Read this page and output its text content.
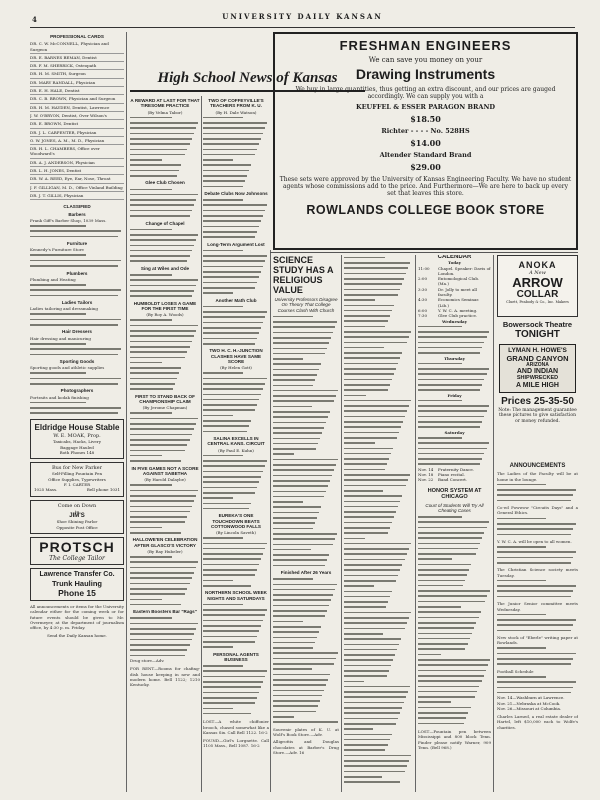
4	UNIVERSITY DAILY KANSAN
PROFESSIONAL CARDS
DR. C. W. McCONNELL, Physician and Surgeon
DR. E. BARNES BEMAN, Dentist
DR. F. M. SHERRICK, Osteopath
DR. H. M. SMITH, Surgeon
DR. MARY RANDALL, Physician
DR. E. H. HALE, Dentist
DR. C. B. BROWN, Physician and Surgeon
DR. H. M. HAYDEN, Dentist, Lawrence
J. W. O'BRYON, Dentist, Over Wilson's
DR. E. BROWN, Dentist
DR. J. L. CARPENTER, Physician
O. W. JONES, A. M., M. D., Physician
DR. H. L. CHAMBERS, Office over Woodward's
DR. A. J. ANDERSON, Physician
DR. L. H. JONES, Dentist
DR. W. A. REED, Eye, Ear, Nose, Throat
J. F. GILLIGAN, M. D., Office Vinland Building
DR. J. T. GILLIS, Physician
CLASSIFIED
Barbers
Frank Giff's Barber Shop, 1039 Mass.
Furniture
Kennedy's Furniture Store
Plumbers
Plumbing and Heating
Ladies Tailors
Ladies tailoring and dressmaking
Hair Dressers
Hair dressing and manicuring
Sporting Goods
Sporting goods and athletic supplies
Photographers
Portraits and kodak finishing
Eldridge House Stable
W. E. MOAK, Prop.
Taxicabs, Hacks, Livery
Baggage Hauled
Both Phones 148
Bus for New Parker
Self-Filling Fountain Pen
Office Supplies, Typewriters
F. I. CARTER
1025 Mass.	Bell phone 1031
Come on Down
to
JIM'S
Shoe Shining Parlor
Opposite Post Office
PROTSCH
The College Tailor
Lawrence Transfer Co.
Trunk Hauling
Phone 15
All announcements or items for the University calendar either for the coming week or for future events should be given to Mr. Overmeyer, at the department of journalism office, by 4:30 p. m. Friday.
Send the Daily Kansan home.
High School News of Kansas
A REWARD AT LAST FOR THAT TIRESOME PRACTICE
(By Velma Tabor)
Glee Club Chosen
Change of Chapel
Sing at Wiles and Ode
HUMBOLDT LOSES A GAME FOR THE FIRST TIME
(By Roy A. Woods)
FIRST TO STAND BACK OF CHAMPIONSHIP CLAIM
(By Jerome Chapman)
IN FIVE GAMES NOT A SCORE AGAINST SABETHA
(By Harold Dalaybe)
HALLOWE'EN CELEBRATION AFTER GLASCO'S VICTORY
(By Ray Hubeler)
Eastern Boosters Bar "Rags"
Drug store—Adv.
FOR RENT—Rooms for chafing-dish house keeping in new and modern home. Bell 1122; 1210 Kentucky.
TWO OF COFFEYVILLE'S TEACHERS FROM K. U.
(By H. Dale Watson)
Debate Clubs Now Johnsons
Long-Term Argument Lost
Another Math Club
TWO H. C. H.-JUNCTION CLASHES HAVE SAME SCORE
(By Helen Gott)
SALINA EXCELLS IN CENTRAL KANS. CIRCUIT
(By Paul E. Kuhn)
EUREKA'S ONE TOUCHDOWN BEATS COTTONWOOD FALLS
(By Lincoln Saveth)
NORTHERN SCHOOL WEEK NIGHTS AND SATURDAYS
PERSONAL AGENTS BUSINESS
LOST—A white chiffonier brooch, chased somewhat like a Kansas Six. Call Bell 1122. 16-2
FOUND—Girl's Lorgnette. Call 1105 Mass., Bell 1087. 16-2
FRESHMAN ENGINEERS
We can save you money on your
Drawing Instruments
We buy in large quantities, thus getting an extra discount, and our prices are gauged accordingly. We can supply you with a
KEUFFEL & ESSER PARAGON BRAND
$18.50
Richter - - - - No. 528HS
$14.00
Altender Standard Brand
$29.00
These sets were approved by the University of Kansas Engineering Faculty. We have no student agents whose commissions add to the price. And Furthermore—We are here to back up every set that leaves this store.
ROWLANDS COLLEGE BOOK STORE
SCIENCE STUDY HAS A RELIGIOUS VALUE
University Professors Disagree On Theory That College Courses Clash With Church
Finished After 26 Years
Souvenir plates of K. U. at Wolf's Book Store.—Adv.
Alligrottis and Douglas chocolates at Barber's Drug Store.—Adv. 16
CALENDAR
Today
11:00	Chapel. Speaker: Davis of London.
2:00	Entomological Club. (Ma.)
3:30	Dr. Jolly to meet all faculty.
4:30	Economics Seminar. (Lib.)
6:00	Y. W. C. A. meeting.
7:30	Glee Club practice.
Wednesday
Thursday
Friday
Saturday
Nov. 14	Fraternity Dance.
Nov. 18	Piano recital.
Nov. 22	Band Concert.
HONOR SYSTEM AT CHICAGO
Court of Students Will Try All Cheating Cases
LOST—Fountain pen between Mississippi and 800 block Tenn. Finder please notify Warner, 909 Tenn. (Bell 968.)
ANOKA
A New
ARROW
COLLAR
Cluett, Peabody & Co., Inc. Makers
Bowersock Theatre
TONIGHT
LYMAN H. HOWE'S
GRAND CANYON
ARIZONA
AND INDIAN
SHIPWRECKED
A MILE HIGH
Prices 25-35-50
Note: The management guarantee these pictures to give satisfaction or money refunded.
ANNOUNCEMENTS
The Ladies of the Faculty will be at home in the lounge.
Co-ed Powwow "Circuits Days" and a General Ethics.
Y. W. C. A. will be open to all women.
The Christian Science society meets Tuesday.
The Junior Senior committee meets Wednesday.
New stock of "Eberle" writing paper at Rowlands.
Football Schedule
Nov. 14—Washburn at Lawrence.
Nov. 21—Nebraska at McCook.
Nov. 26—Missouri at Columbia.
Charles Larned, a real estate dealer of Hartel, left $10,000 each to Wolfe's charities.
